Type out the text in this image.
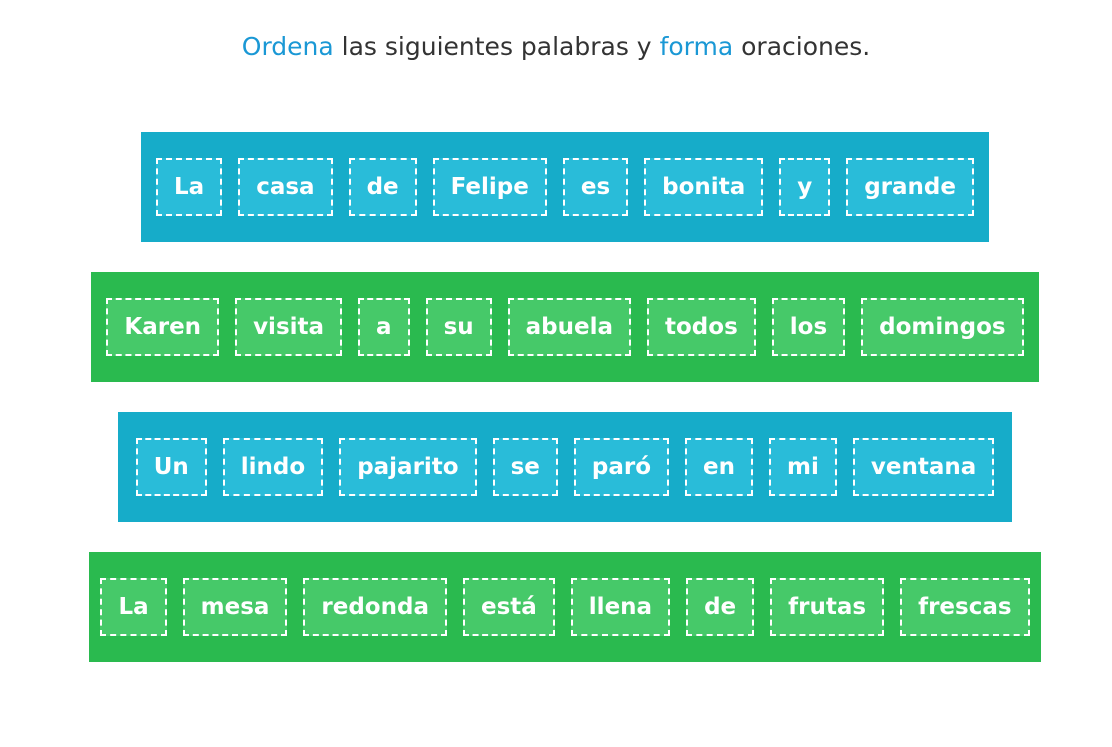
Ordena las siguientes palabras y forma oraciones.
La	casa	de	Felipe	es	bonita	y	grande
Karen	visita	a	su	abuela	todos	los	domingos
Un	lindo	pajarito	se	paró	en	mi	ventana
La	mesa	redonda	está	llena	de	frutas	frescas
